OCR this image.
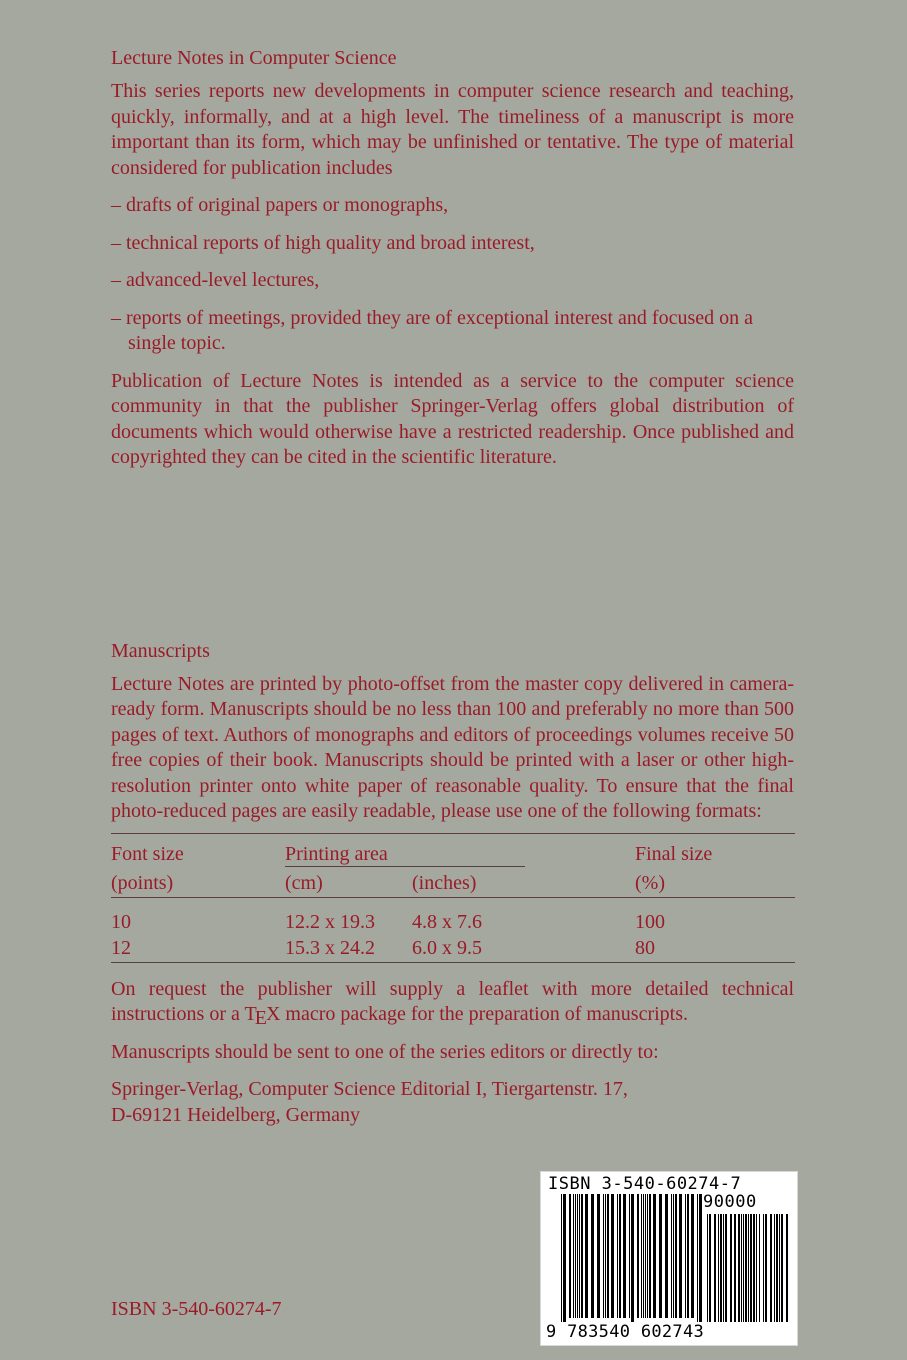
Lecture Notes in Computer Science

This series reports new developments in computer science research and teaching, quickly, informally, and at a high level. The timeliness of a manuscript is more important than its form, which may be unfinished or tentative. The type of material considered for publication includes

– drafts of original papers or monographs,
– technical reports of high quality and broad interest,
– advanced-level lectures,
– reports of meetings, provided they are of exceptional interest and focused on a single topic.

Publication of Lecture Notes is intended as a service to the computer science community in that the publisher Springer-Verlag offers global distribution of documents which would otherwise have a restricted readership. Once published and copyrighted they can be cited in the scientific literature.

Manuscripts

Lecture Notes are printed by photo-offset from the master copy delivered in camera-ready form. Manuscripts should be no less than 100 and preferably no more than 500 pages of text. Authors of monographs and editors of proceedings volumes receive 50 free copies of their book. Manuscripts should be printed with a laser or other high-resolution printer onto white paper of reasonable quality. To ensure that the final photo-reduced pages are easily readable, please use one of the following formats:

Font size	Printing area			Final size
(points)	(cm)	(inches)		(%)
10	12.2 x 19.3	4.8 x 7.6		100
12	15.3 x 24.2	6.0 x 9.5		80

On request the publisher will supply a leaflet with more detailed technical instructions or a TEX macro package for the preparation of manuscripts.

Manuscripts should be sent to one of the series editors or directly to:

Springer-Verlag, Computer Science Editorial I, Tiergartenstr. 17,

D-69121 Heidelberg, Germany

ISBN 3-540-60274-7
ISBN 3-540-60274-7
90000
9 783540 602743
